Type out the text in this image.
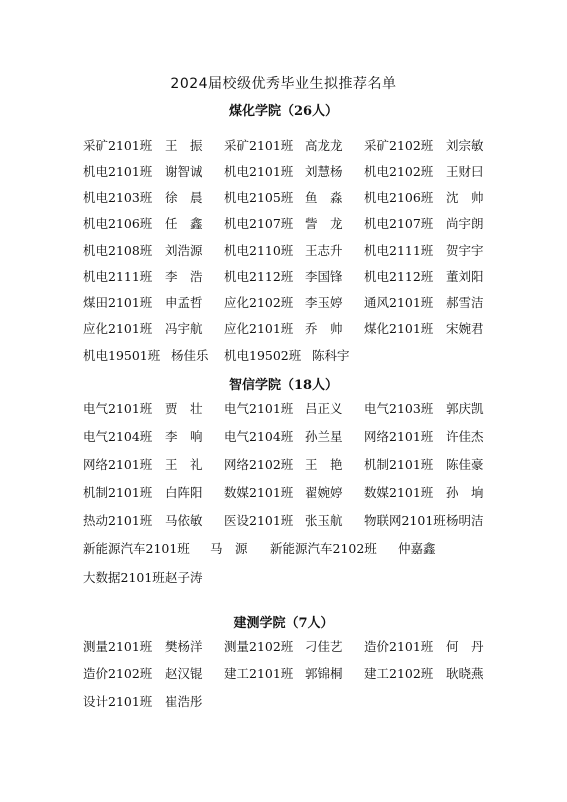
2024届校级优秀毕业生拟推荐名单
煤化学院（26人）
采矿2101班 王　振 采矿2101班 高龙龙 采矿2102班 刘宗敏
机电2101班 谢智诚 机电2101班 刘慧杨 机电2102班 王财曰
机电2103班 徐　晨 机电2105班 鱼　淼 机电2106班 沈　帅
机电2106班 任　鑫 机电2107班 訾　龙 机电2107班 尚宇朗
机电2108班 刘浩源 机电2110班 王志升 机电2111班 贺宇宇
机电2111班 李　浩 机电2112班 李国锋 机电2112班 董刘阳
煤田2101班 申孟哲 应化2102班 李玉婷 通风2101班 郝雪洁
应化2101班 冯宇航 应化2101班 乔　帅 煤化2101班 宋婉君
机电19501班 杨佳乐 机电19502班 陈科宇
智信学院（18人）
电气2101班 贾　壮 电气2101班 吕正义 电气2103班 郭庆凯
电气2104班 李　响 电气2104班 孙兰星 网络2101班 许佳杰
网络2101班 王　礼 网络2102班 王　艳 机制2101班 陈佳豪
机制2101班 白阵阳 数媒2101班 翟婉婷 数媒2101班 孙　垧
热动2101班 马依敏 医设2101班 张玉航 物联网2101班 杨明洁
新能源汽车2101班 马　源 新能源汽车2102班 仲嘉鑫
大数据2101班 赵子涛
建测学院（7人）
测量2101班 樊杨洋 测量2102班 刁佳艺 造价2101班 何　丹
造价2102班 赵汉锟 建工2101班 郭锦桐 建工2102班 耿晓燕
设计2101班 崔浩彤
